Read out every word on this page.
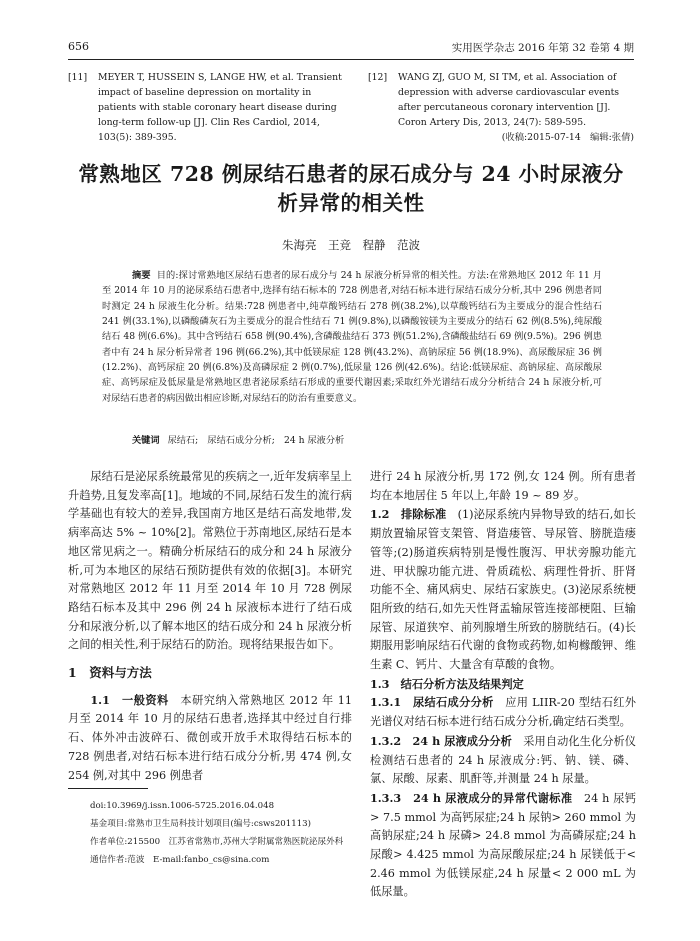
656	实用医学杂志 2016 年第 32 卷第 4 期
[11]	MEYER T, HUSSEIN S, LANGE HW, et al. Transient impact of baseline depression on mortality in patients with stable coronary heart disease during long-term follow-up [J]. Clin Res Cardiol, 2014, 103(5): 389-395.
[12]	WANG ZJ, GUO M, SI TM, et al. Association of depression with adverse cardiovascular events after percutaneous coronary intervention [J]. Coron Artery Dis, 2013, 24(7): 589-595.
(收稿:2015-07-14　编辑:张倩)
常熟地区 728 例尿结石患者的尿石成分与 24 小时尿液分析异常的相关性
朱海亮　王竞　程静　范波
摘要 目的:探讨常熟地区尿结石患者的尿石成分与 24 h 尿液分析异常的相关性。方法:在常熟地区 2012 年 11 月至 2014 年 10 月的泌尿系结石患者中,选择有结石标本的 728 例患者,对结石标本进行尿结石成分分析,其中 296 例患者同时测定 24 h 尿液生化分析。结果:728 例患者中,纯草酸钙结石 278 例(38.2%),以草酸钙结石为主要成分的混合性结石 241 例(33.1%),以磷酸磷灰石为主要成分的混合性结石 71 例(9.8%),以磷酸铵镁为主要成分的结石 62 例(8.5%),纯尿酸结石 48 例(6.6%)。其中含钙结石 658 例(90.4%),含磷酸盐结石 373 例(51.2%),含磷酸盐结石 69 例(9.5%)。296 例患者中有 24 h 尿分析异常者 196 例(66.2%),其中低镁尿症 128 例(43.2%)、高钠尿症 56 例(18.9%)、高尿酸尿症 36 例(12.2%)、高钙尿症 20 例(6.8%)及高磷尿症 2 例(0.7%),低尿量 126 例(42.6%)。结论:低镁尿症、高钠尿症、高尿酸尿症、高钙尿症及低尿量是常熟地区患者泌尿系结石形成的重要代谢因素;采取红外光谱结石成分分析结合 24 h 尿液分析,可对尿结石患者的病因做出相应诊断,对尿结石的防治有重要意义。
关键词 尿结石;　尿结石成分分析;　24 h 尿液分析

尿结石是泌尿系统最常见的疾病之一,近年发病率呈上升趋势,且复发率高[1]。地域的不同,尿结石发生的流行病学基础也有较大的差异,我国南方地区是结石高发地带,发病率高达 5% ~ 10%[2]。常熟位于苏南地区,尿结石是本地区常见病之一。精确分析尿结石的成分和 24 h 尿液分析,可为本地区的尿结石预防提供有效的依据[3]。本研究对常熟地区 2012 年 11 月至 2014 年 10 月 728 例尿路结石标本及其中 296 例 24 h 尿液标本进行了结石成分和尿液分析,以了解本地区的结石成分和 24 h 尿液分析之间的相关性,利于尿结石的防治。现将结果报告如下。

1　资料与方法

1.1　一般资料　 本研究纳入常熟地区 2012 年 11 月至 2014 年 10 月的尿结石患者,选择其中经过自行排石、体外冲击波碎石、微创或开放手术取得结石标本的 728 例患者,对结石标本进行结石成分分析,男 474 例,女 254 例,对其中 296 例患者

进行 24 h 尿液分析,男 172 例,女 124 例。所有患者均在本地居住 5 年以上,年龄 19 ~ 89 岁。

1.2　排除标准　 (1)泌尿系统内异物导致的结石,如长期放置输尿管支架管、肾造瘘管、导尿管、膀胱造瘘管等;(2)肠道疾病特别是慢性腹泻、甲状旁腺功能亢进、甲状腺功能亢进、骨质疏松、病理性骨折、肝肾功能不全、痛风病史、尿结石家族史。(3)泌尿系统梗阻所致的结石,如先天性肾盂输尿管连接部梗阻、巨输尿管、尿道狭窄、前列腺增生所致的膀胱结石。(4)长期服用影响尿结石代谢的食物或药物,如枸橼酸钾、维生素 C、钙片、大量含有草酸的食物。

1.3　结石分析方法及结果判定

1.3.1　尿结石成分分析　 应用 LIIR-20 型结石红外光谱仪对结石标本进行结石成分分析,确定结石类型。

1.3.2　24 h 尿液成分分析　 采用自动化生化分析仪检测结石患者的 24 h 尿液成分:钙、钠、镁、磷、氯、尿酸、尿素、肌酐等,并测量 24 h 尿量。

1.3.3　24 h 尿液成分的异常代谢标准　 24 h 尿钙> 7.5 mmol 为高钙尿症;24 h 尿钠> 260 mmol 为高钠尿症;24 h 尿磷> 24.8 mmol 为高磷尿症;24 h 尿酸> 4.425 mmol 为高尿酸尿症;24 h 尿镁低于< 2.46 mmol 为低镁尿症,24 h 尿量< 2 000 mL 为低尿量。

doi:10.3969/j.issn.1006-5725.2016.04.048
基金项目:常熟市卫生局科技计划项目(编号:csws201113)
作者单位:215500　江苏省常熟市,苏州大学附属常熟医院泌尿外科
通信作者:范波　E-mail:fanbo_cs@sina.com
